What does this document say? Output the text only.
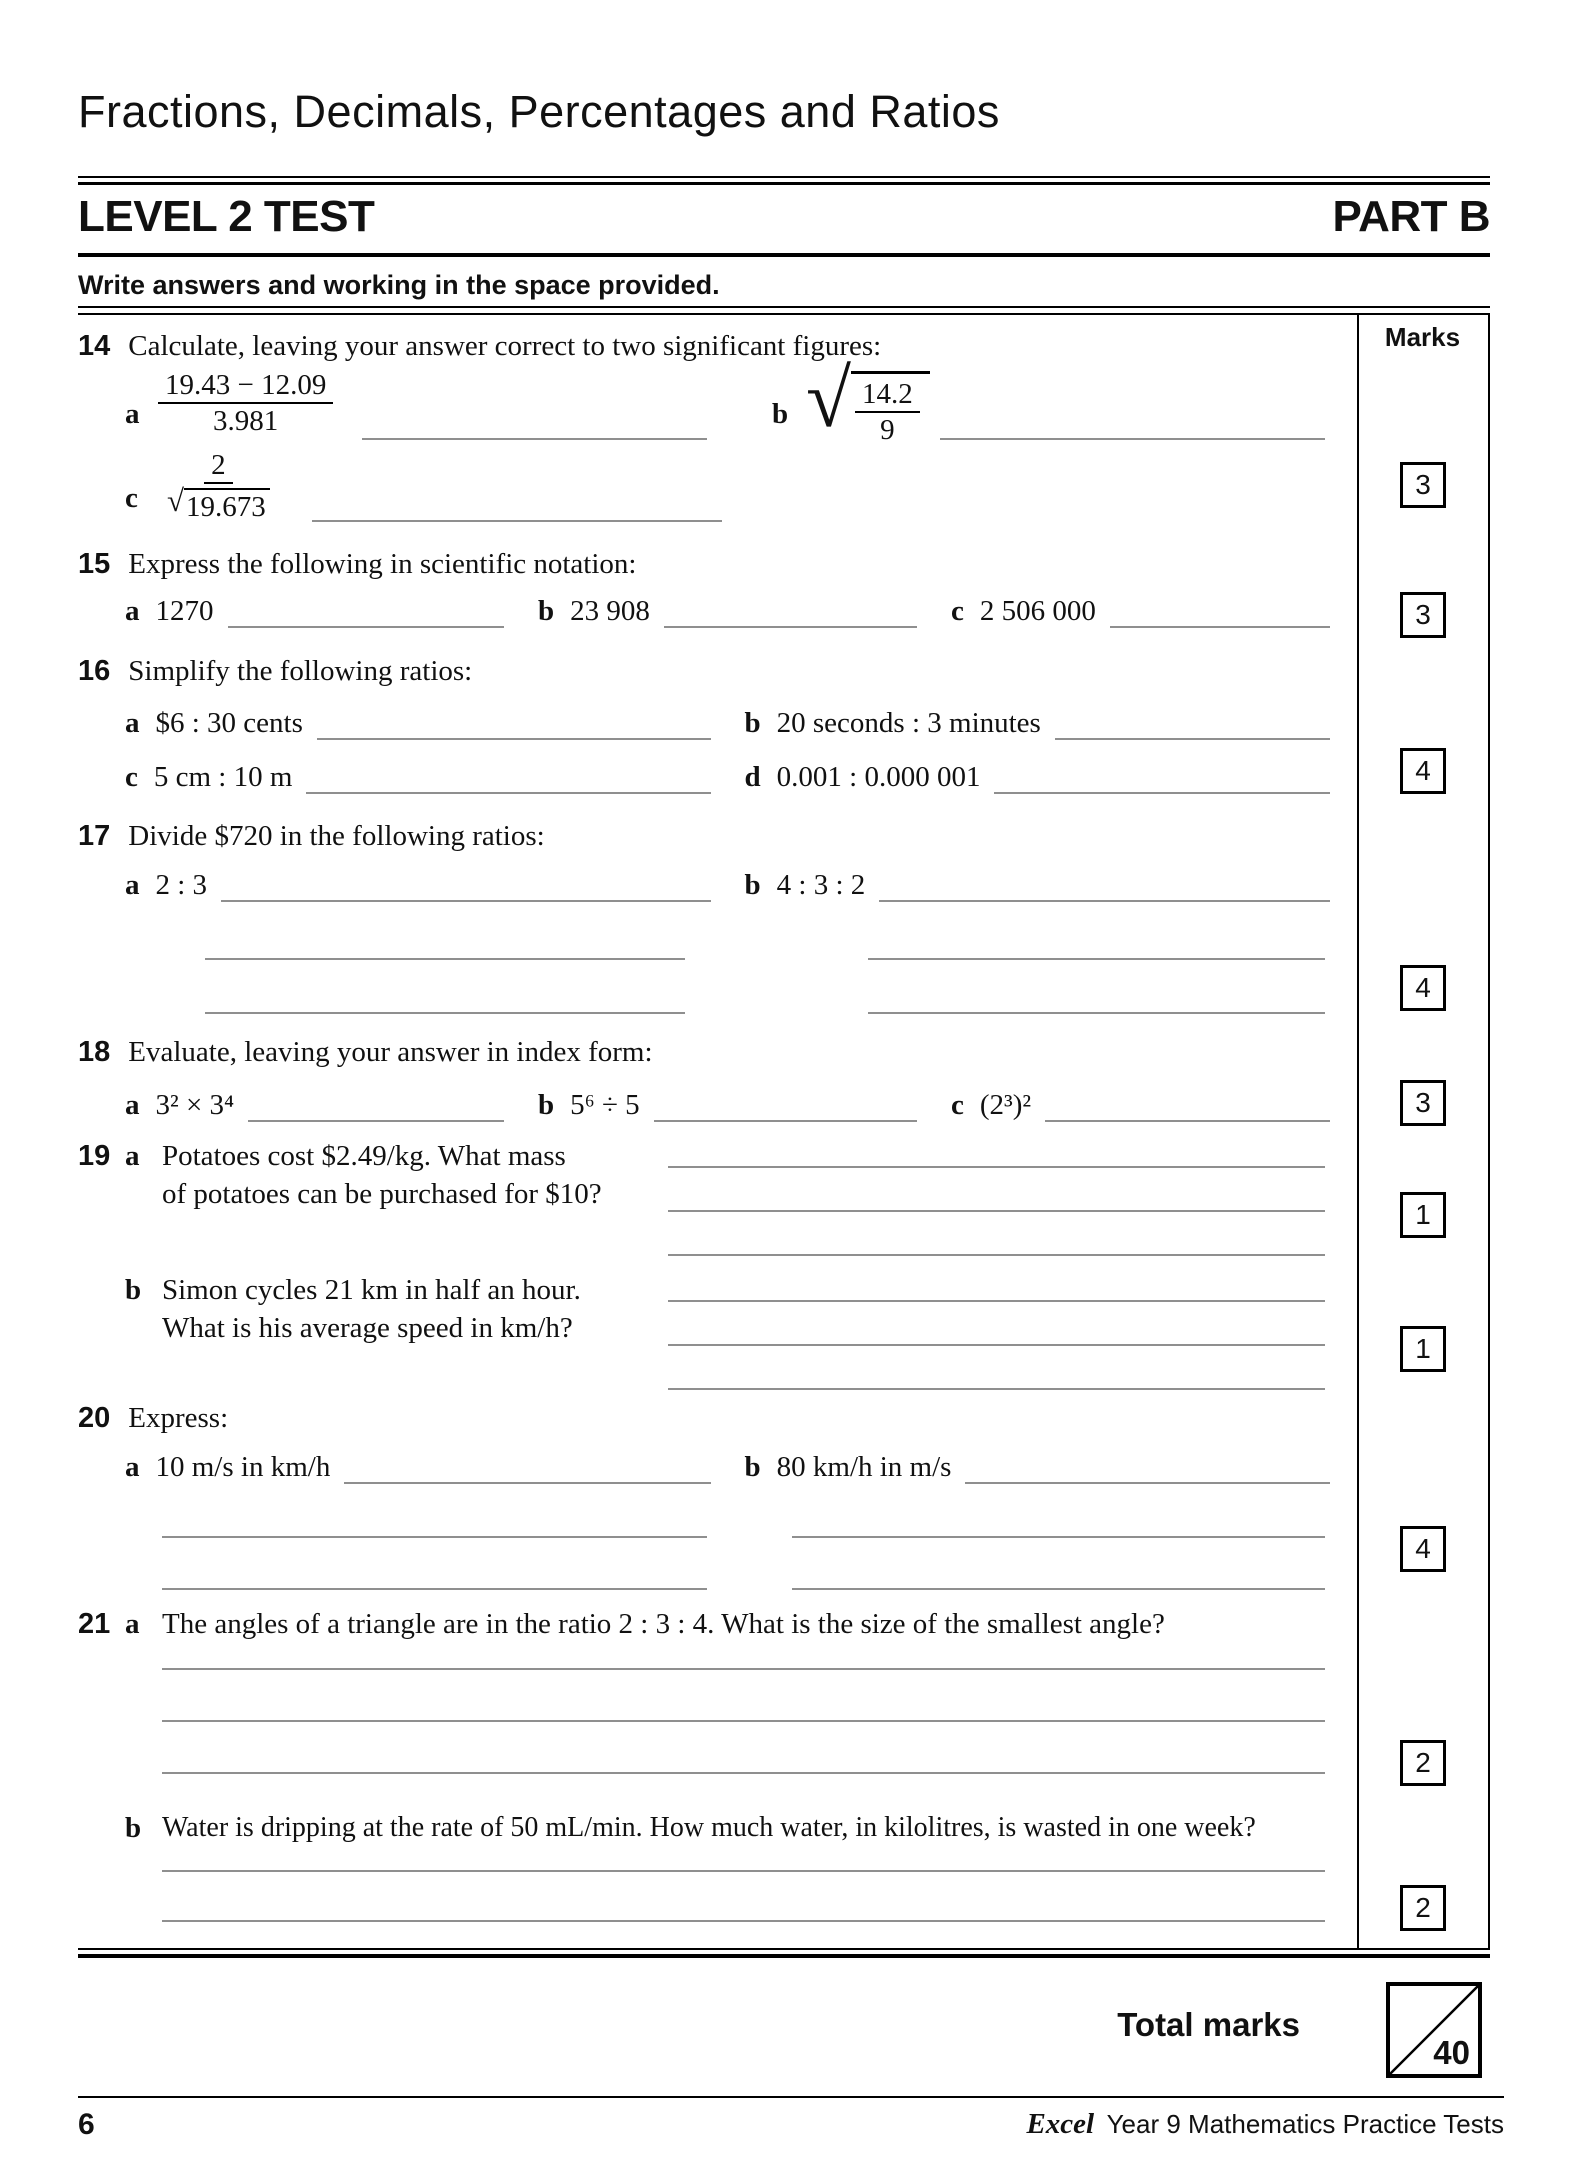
Fractions, Decimals, Percentages and Ratios
LEVEL 2 TEST	PART B
Write answers and working in the space provided.
Marks
14 Calculate, leaving your answer correct to two significant figures:
a $\frac{19.43 - 12.09}{3.981}$	b √ $\frac{14.2}{9}$
c $\frac{2}{√ 19.673}$	3
15 Express the following in scientific notation:
a 1270	b 23 908	c 2 506 000	3
16 Simplify the following ratios:
a $6 : 30 cents	b 20 seconds : 3 minutes
c 5 cm : 10 m	d 0.001 : 0.000 001	4
17 Divide $720 in the following ratios:
a 2 : 3	b 4 : 3 : 2
4
18 Evaluate, leaving your answer in index form:
a 3² × 3⁴	b 5⁶ ÷ 5	c (2³)²	3
19 a Potatoes cost $2.49/kg. What mass
of potatoes can be purchased for $10?
1
b Simon cycles 21 km in half an hour.
What is his average speed in km/h?
1
20 Express:
a 10 m/s in km/h	b 80 km/h in m/s
4
21 a The angles of a triangle are in the ratio 2 : 3 : 4. What is the size of the smallest angle?
2
b Water is dripping at the rate of 50 mL/min. How much water, in kilolitres, is wasted in one week?
2
Total marks
40
6	Excel Year 9 Mathematics Practice Tests
